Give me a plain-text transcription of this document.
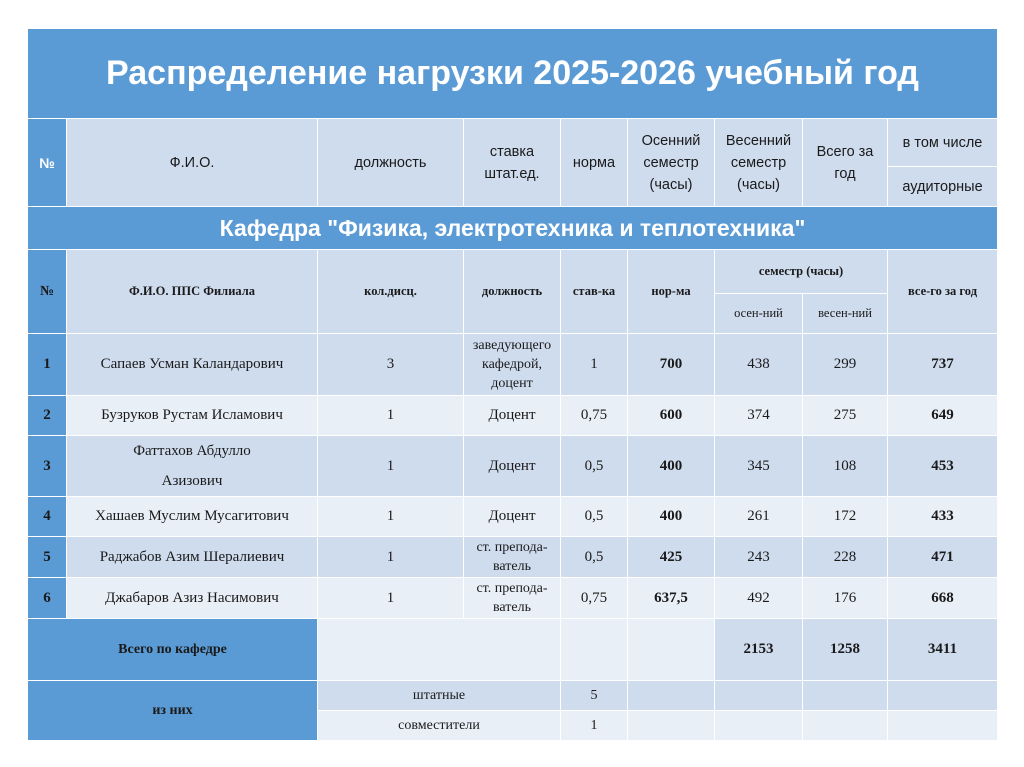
Распределение нагрузки 2025-2026 учебный год								
№	Ф.И.О.	должность	ставка штат.ед.	норма	Осенний семестр (часы)	Весенний семестр (часы)	Всего за год	в том числе
								аудиторные
Кафедра "Физика, электротехника и теплотехника"								
№	Ф.И.О. ППС Филиала	кол.дисц.	должность	став-ка	нор-ма	семестр (часы)		все-го за год
						осен-ний	весен-ний	
1	Сапаев Усман Каландарович	3	заведующего кафедрой, доцент	1	700	438	299	737
2	Бузруков Рустам Исламович	1	Доцент	0,75	600	374	275	649
3	Фаттахов Абдулло Азизович	1	Доцент	0,5	400	345	108	453
4	Хашаев Муслим Мусагитович	1	Доцент	0,5	400	261	172	433
5	Раджабов Азим Шералиевич	1	ст. препода-ватель	0,5	425	243	228	471
6	Джабаров Азиз Насимович	1	ст. препода-ватель	0,75	637,5	492	176	668
Всего по кафедре						2153	1258	3411
из них		штатные		5				
		совместители		1				
